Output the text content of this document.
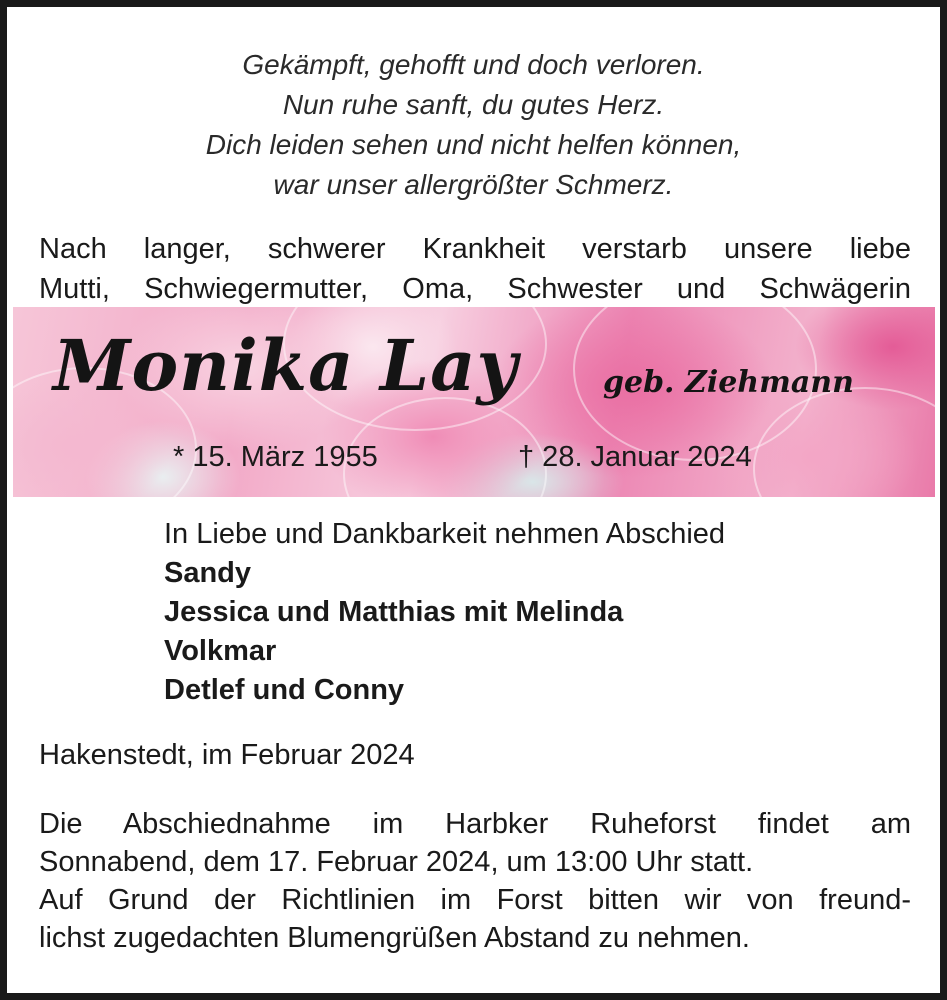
Gekämpft, gehofft und doch verloren.
Nun ruhe sanft, du gutes Herz.
Dich leiden sehen und nicht helfen können,
war unser allergrößter Schmerz.
Nach langer, schwerer Krankheit verstarb unsere liebe
Mutti, Schwiegermutter, Oma, Schwester und Schwägerin
Monika Lay	geb. Ziehmann
* 15. März 1955	† 28. Januar 2024
In Liebe und Dankbarkeit nehmen Abschied
Sandy
Jessica und Matthias mit Melinda
Volkmar
Detlef und Conny
Hakenstedt, im Februar 2024
Die Abschiednahme im Harbker Ruheforst findet am
Sonnabend, dem 17. Februar 2024, um 13:00 Uhr statt.
Auf Grund der Richtlinien im Forst bitten wir von freund-
lichst zugedachten Blumengrüßen Abstand zu nehmen.
